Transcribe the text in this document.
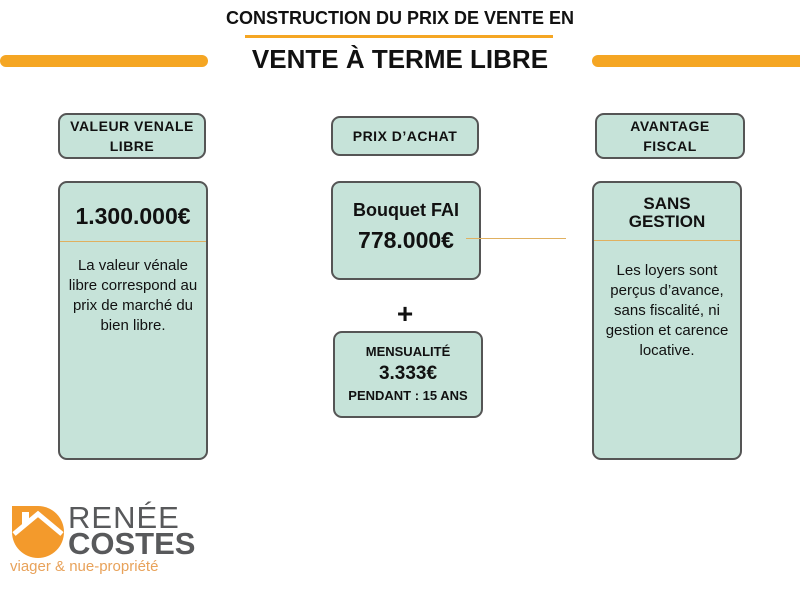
CONSTRUCTION DU PRIX DE VENTE EN
VENTE À TERME LIBRE
VALEUR VENALE LIBRE
1.300.000€
La valeur vénale libre correspond au prix de marché du bien libre.
PRIX D’ACHAT
Bouquet FAI
778.000€
+
MENSUALITÉ
3.333€
PENDANT : 15 ANS
AVANTAGE FISCAL
SANS GESTION
Les loyers sont perçus d’avance, sans fiscalité, ni gestion et carence locative.
RENÉE
COSTES
viager & nue-propriété
